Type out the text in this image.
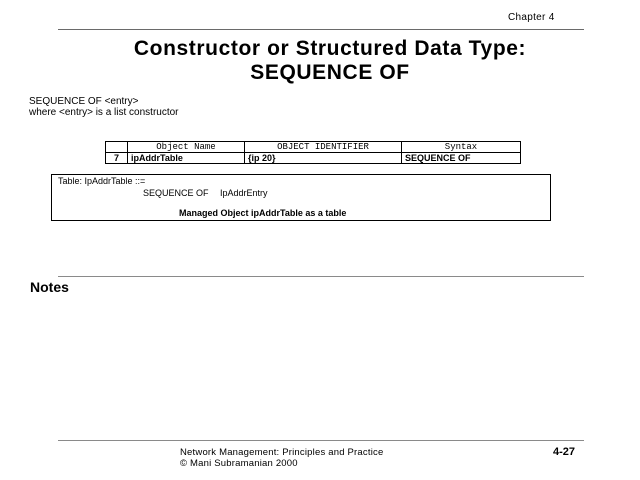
Chapter 4
Constructor or Structured Data Type:
SEQUENCE OF
SEQUENCE OF <entry>
where <entry> is a list constructor
	Object Name	OBJECT IDENTIFIER	Syntax
7	ipAddrTable	{ip 20}	SEQUENCE OF
Table: IpAddrTable ::=
SEQUENCE OF IpAddrEntry
Managed Object ipAddrTable as a table
Notes
Network Management: Principles and Practice
© Mani Subramanian 2000
4-27
